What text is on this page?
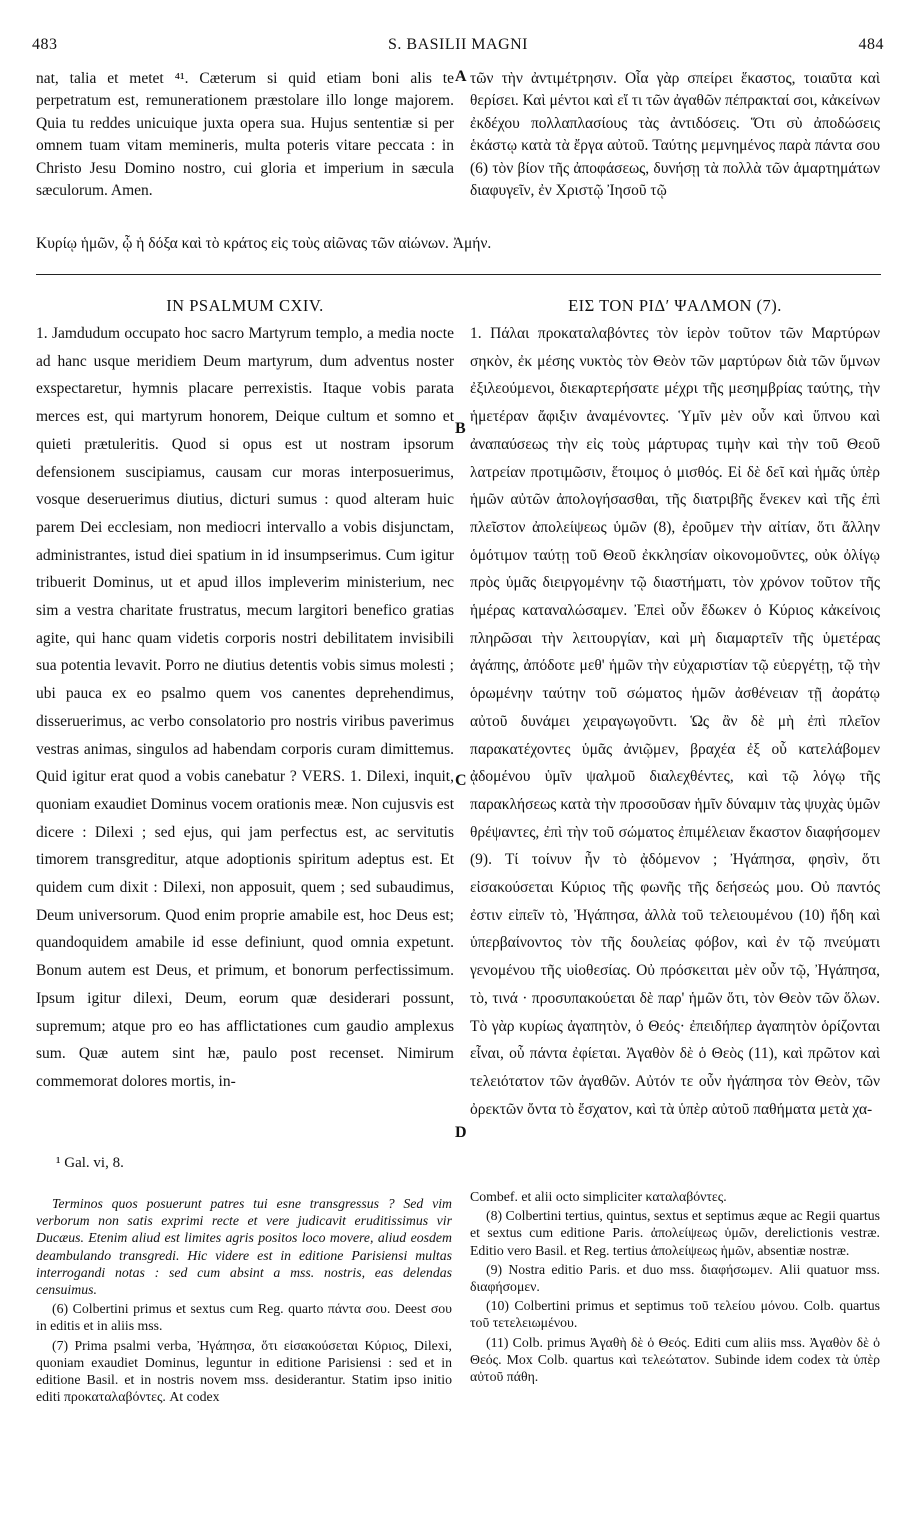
483	S. BASILII MAGNI	484

nat, talia et metet ⁴¹. Cæterum si quid etiam boni alis te perpetratum est, remunerationem præstolare illo longe majorem. Quia tu reddes unicuique juxta opera sua. Hujus sententiæ si per omnem tuam vitam memineris, multa poteris vitare peccata : in Christo Jesu Domino nostro, cui gloria et imperium in sæcula sæculorum. Amen.

τῶν τὴν ἀντιμέτρησιν. Οἷα γὰρ σπείρει ἕκαστος, τοιαῦτα καὶ θερίσει. Καὶ μέντοι καὶ εἴ τι τῶν ἀγαθῶν πέπρακταί σοι, κἀκείνων ἐκδέχου πολλαπλασίους τὰς ἀντιδόσεις. Ὅτι σὺ ἀποδώσεις ἑκάστῳ κατὰ τὰ ἔργα αὐτοῦ. Ταύτης μεμνημένος παρὰ πάντα σου (6) τὸν βίον τῆς ἀποφάσεως, δυνήσῃ τὰ πολλὰ τῶν ἁμαρτημάτων διαφυγεῖν, ἐν Χριστῷ Ἰησοῦ τῷ

Κυρίῳ ἡμῶν, ᾧ ἡ δόξα καὶ τὸ κράτος εἰς τοὺς αἰῶνας τῶν αἰώνων. Ἀμήν.
A
IN PSALMUM CXIV.	ΕΙΣ ΤΟΝ ΡΙΔʹ ΨΑΛΜΟΝ (7).

1. Jamdudum occupato hoc sacro Martyrum templo, a media nocte ad hanc usque meridiem Deum martyrum, dum adventus noster exspectaretur, hymnis placare perrexistis. Itaque vobis parata merces est, qui martyrum honorem, Deique cultum et somno et quieti prætuleritis. Quod si opus est ut nostram ipsorum defensionem suscipiamus, causam cur moras interposuerimus, vosque deseruerimus diutius, dicturi sumus : quod alteram huic parem Dei ecclesiam, non mediocri intervallo a vobis disjunctam, administrantes, istud diei spatium in id insumpserimus. Cum igitur tribuerit Dominus, ut et apud illos impleverim ministerium, nec sim a vestra charitate frustratus, mecum largitori benefico gratias agite, qui hanc quam videtis corporis nostri debilitatem invisibili sua potentia levavit. Porro ne diutius detentis vobis simus molesti ; ubi pauca ex eo psalmo quem vos canentes deprehendimus, disseruerimus, ac verbo consolatorio pro nostris viribus paverimus vestras animas, singulos ad habendam corporis curam dimittemus. Quid igitur erat quod a vobis canebatur ? VERS. 1. Dilexi, inquit, quoniam exaudiet Dominus vocem orationis meæ. Non cujusvis est dicere : Dilexi ; sed ejus, qui jam perfectus est, ac servitutis timorem transgreditur, atque adoptionis spiritum adeptus est. Et quidem cum dixit : Dilexi, non apposuit, quem ; sed subaudimus, Deum universorum. Quod enim proprie amabile est, hoc Deus est; quandoquidem amabile id esse definiunt, quod omnia expetunt. Bonum autem est Deus, et primum, et bonorum perfectissimum. Ipsum igitur dilexi, Deum, eorum quæ desiderari possunt, supremum; atque pro eo has afflictationes cum gaudio amplexus sum. Quæ autem sint hæ, paulo post recenset. Nimirum commemorat dolores mortis, in-

1. Πάλαι προκαταλαβόντες τὸν ἱερὸν τοῦτον τῶν Μαρτύρων σηκὸν, ἐκ μέσης νυκτὸς τὸν Θεὸν τῶν μαρτύρων διὰ τῶν ὕμνων ἐξιλεούμενοι, διεκαρτερήσατε μέχρι τῆς μεσημβρίας ταύτης, τὴν ἡμετέραν ἄφιξιν ἀναμένοντες. Ὑμῖν μὲν οὖν καὶ ὕπνου καὶ ἀναπαύσεως τὴν εἰς τοὺς μάρτυρας τιμὴν καὶ τὴν τοῦ Θεοῦ λατρείαν προτιμῶσιν, ἕτοιμος ὁ μισθός. Εἰ δὲ δεῖ καὶ ἡμᾶς ὑπὲρ ἡμῶν αὐτῶν ἀπολογήσασθαι, τῆς διατριβῆς ἕνεκεν καὶ τῆς ἐπὶ πλεῖστον ἀπολείψεως ὑμῶν (8), ἐροῦμεν τὴν αἰτίαν, ὅτι ἄλλην ὁμότιμον ταύτῃ τοῦ Θεοῦ ἐκκλησίαν οἰκονομοῦντες, οὐκ ὀλίγῳ πρὸς ὑμᾶς διειργομένην τῷ διαστήματι, τὸν χρόνον τοῦτον τῆς ἡμέρας καταναλώσαμεν. Ἐπεὶ οὖν ἔδωκεν ὁ Κύριος κἀκείνοις πληρῶσαι τὴν λειτουργίαν, καὶ μὴ διαμαρτεῖν τῆς ὑμετέρας ἀγάπης, ἀπόδοτε μεθ' ἡμῶν τὴν εὐχαριστίαν τῷ εὐεργέτῃ, τῷ τὴν ὁρωμένην ταύτην τοῦ σώματος ἡμῶν ἀσθένειαν τῇ ἀοράτῳ αὐτοῦ δυνάμει χειραγωγοῦντι. Ὡς ἂν δὲ μὴ ἐπὶ πλεῖον παρακατέχοντες ὑμᾶς ἀνιῷμεν, βραχέα ἐξ οὗ κατελάβομεν ᾀδομένου ὑμῖν ψαλμοῦ διαλεχθέντες, καὶ τῷ λόγῳ τῆς παρακλήσεως κατὰ τὴν προσοῦσαν ἡμῖν δύναμιν τὰς ψυχὰς ὑμῶν θρέψαντες, ἐπὶ τὴν τοῦ σώματος ἐπιμέλειαν ἕκαστον διαφήσομεν (9). Τί τοίνυν ἦν τὸ ᾀδόμενον ; Ἠγάπησα, φησὶν, ὅτι εἰσακούσεται Κύριος τῆς φωνῆς τῆς δεήσεώς μου. Οὐ παντός ἐστιν εἰπεῖν τὸ, Ἠγάπησα, ἀλλὰ τοῦ τελειουμένου (10) ἤδη καὶ ὑπερβαίνοντος τὸν τῆς δουλείας φόβον, καὶ ἐν τῷ πνεύματι γενομένου τῆς υἱοθεσίας. Οὐ πρόσκειται μὲν οὖν τῷ, Ἠγάπησα, τὸ, τινά · προσυπακούεται δὲ παρ' ἡμῶν ὅτι, τὸν Θεὸν τῶν ὅλων. Τὸ γὰρ κυρίως ἀγαπητὸν, ὁ Θεός· ἐπειδήπερ ἀγαπητὸν ὁρίζονται εἶναι, οὗ πάντα ἐφίεται. Ἀγαθὸν δὲ ὁ Θεὸς (11), καὶ πρῶτον καὶ τελειότατον τῶν ἀγαθῶν. Αὐτόν τε οὖν ἠγάπησα τὸν Θεὸν, τῶν ὀρεκτῶν ὄντα τὸ ἔσχατον, καὶ τὰ ὑπὲρ αὐτοῦ παθήματα μετὰ χα-

B
C
D
¹ Gal. vi, 8.

Terminos quos posuerunt patres tui esne transgressus ? Sed vim verborum non satis exprimi recte et vere judicavit eruditissimus vir Ducæus. Etenim aliud est limites agris positos loco movere, aliud eosdem deambulando transgredi. Hic videre est in editione Parisiensi multas interrogandi notas : sed cum absint a mss. nostris, eas delendas censuimus.

(6) Colbertini primus et sextus cum Reg. quarto πάντα σου. Deest σου in editis et in aliis mss.

(7) Prima psalmi verba, Ἠγάπησα, ὅτι εἰσακούσεται Κύριος, Dilexi, quoniam exaudiet Dominus, leguntur in editione Parisiensi : sed et in editione Basil. et in nostris novem mss. desiderantur. Statim ipso initio editi προκαταλαβόντες. At codex

Combef. et alii octo simpliciter καταλαβόντες.

(8) Colbertini tertius, quintus, sextus et septimus æque ac Regii quartus et sextus cum editione Paris. ἀπολείψεως ὑμῶν, derelictionis vestræ. Editio vero Basil. et Reg. tertius ἀπολείψεως ἡμῶν, absentiæ nostræ.

(9) Nostra editio Paris. et duo mss. διαφήσωμεν. Alii quatuor mss. διαφήσομεν.

(10) Colbertini primus et septimus τοῦ τελείου μόνου. Colb. quartus τοῦ τετελειωμένου.

(11) Colb. primus Ἀγαθὴ δὲ ὁ Θεός. Editi cum aliis mss. Ἀγαθὸν δὲ ὁ Θεός. Mox Colb. quartus καὶ τελεώτατον. Subinde idem codex τὰ ὑπὲρ αὐτοῦ πάθη.
